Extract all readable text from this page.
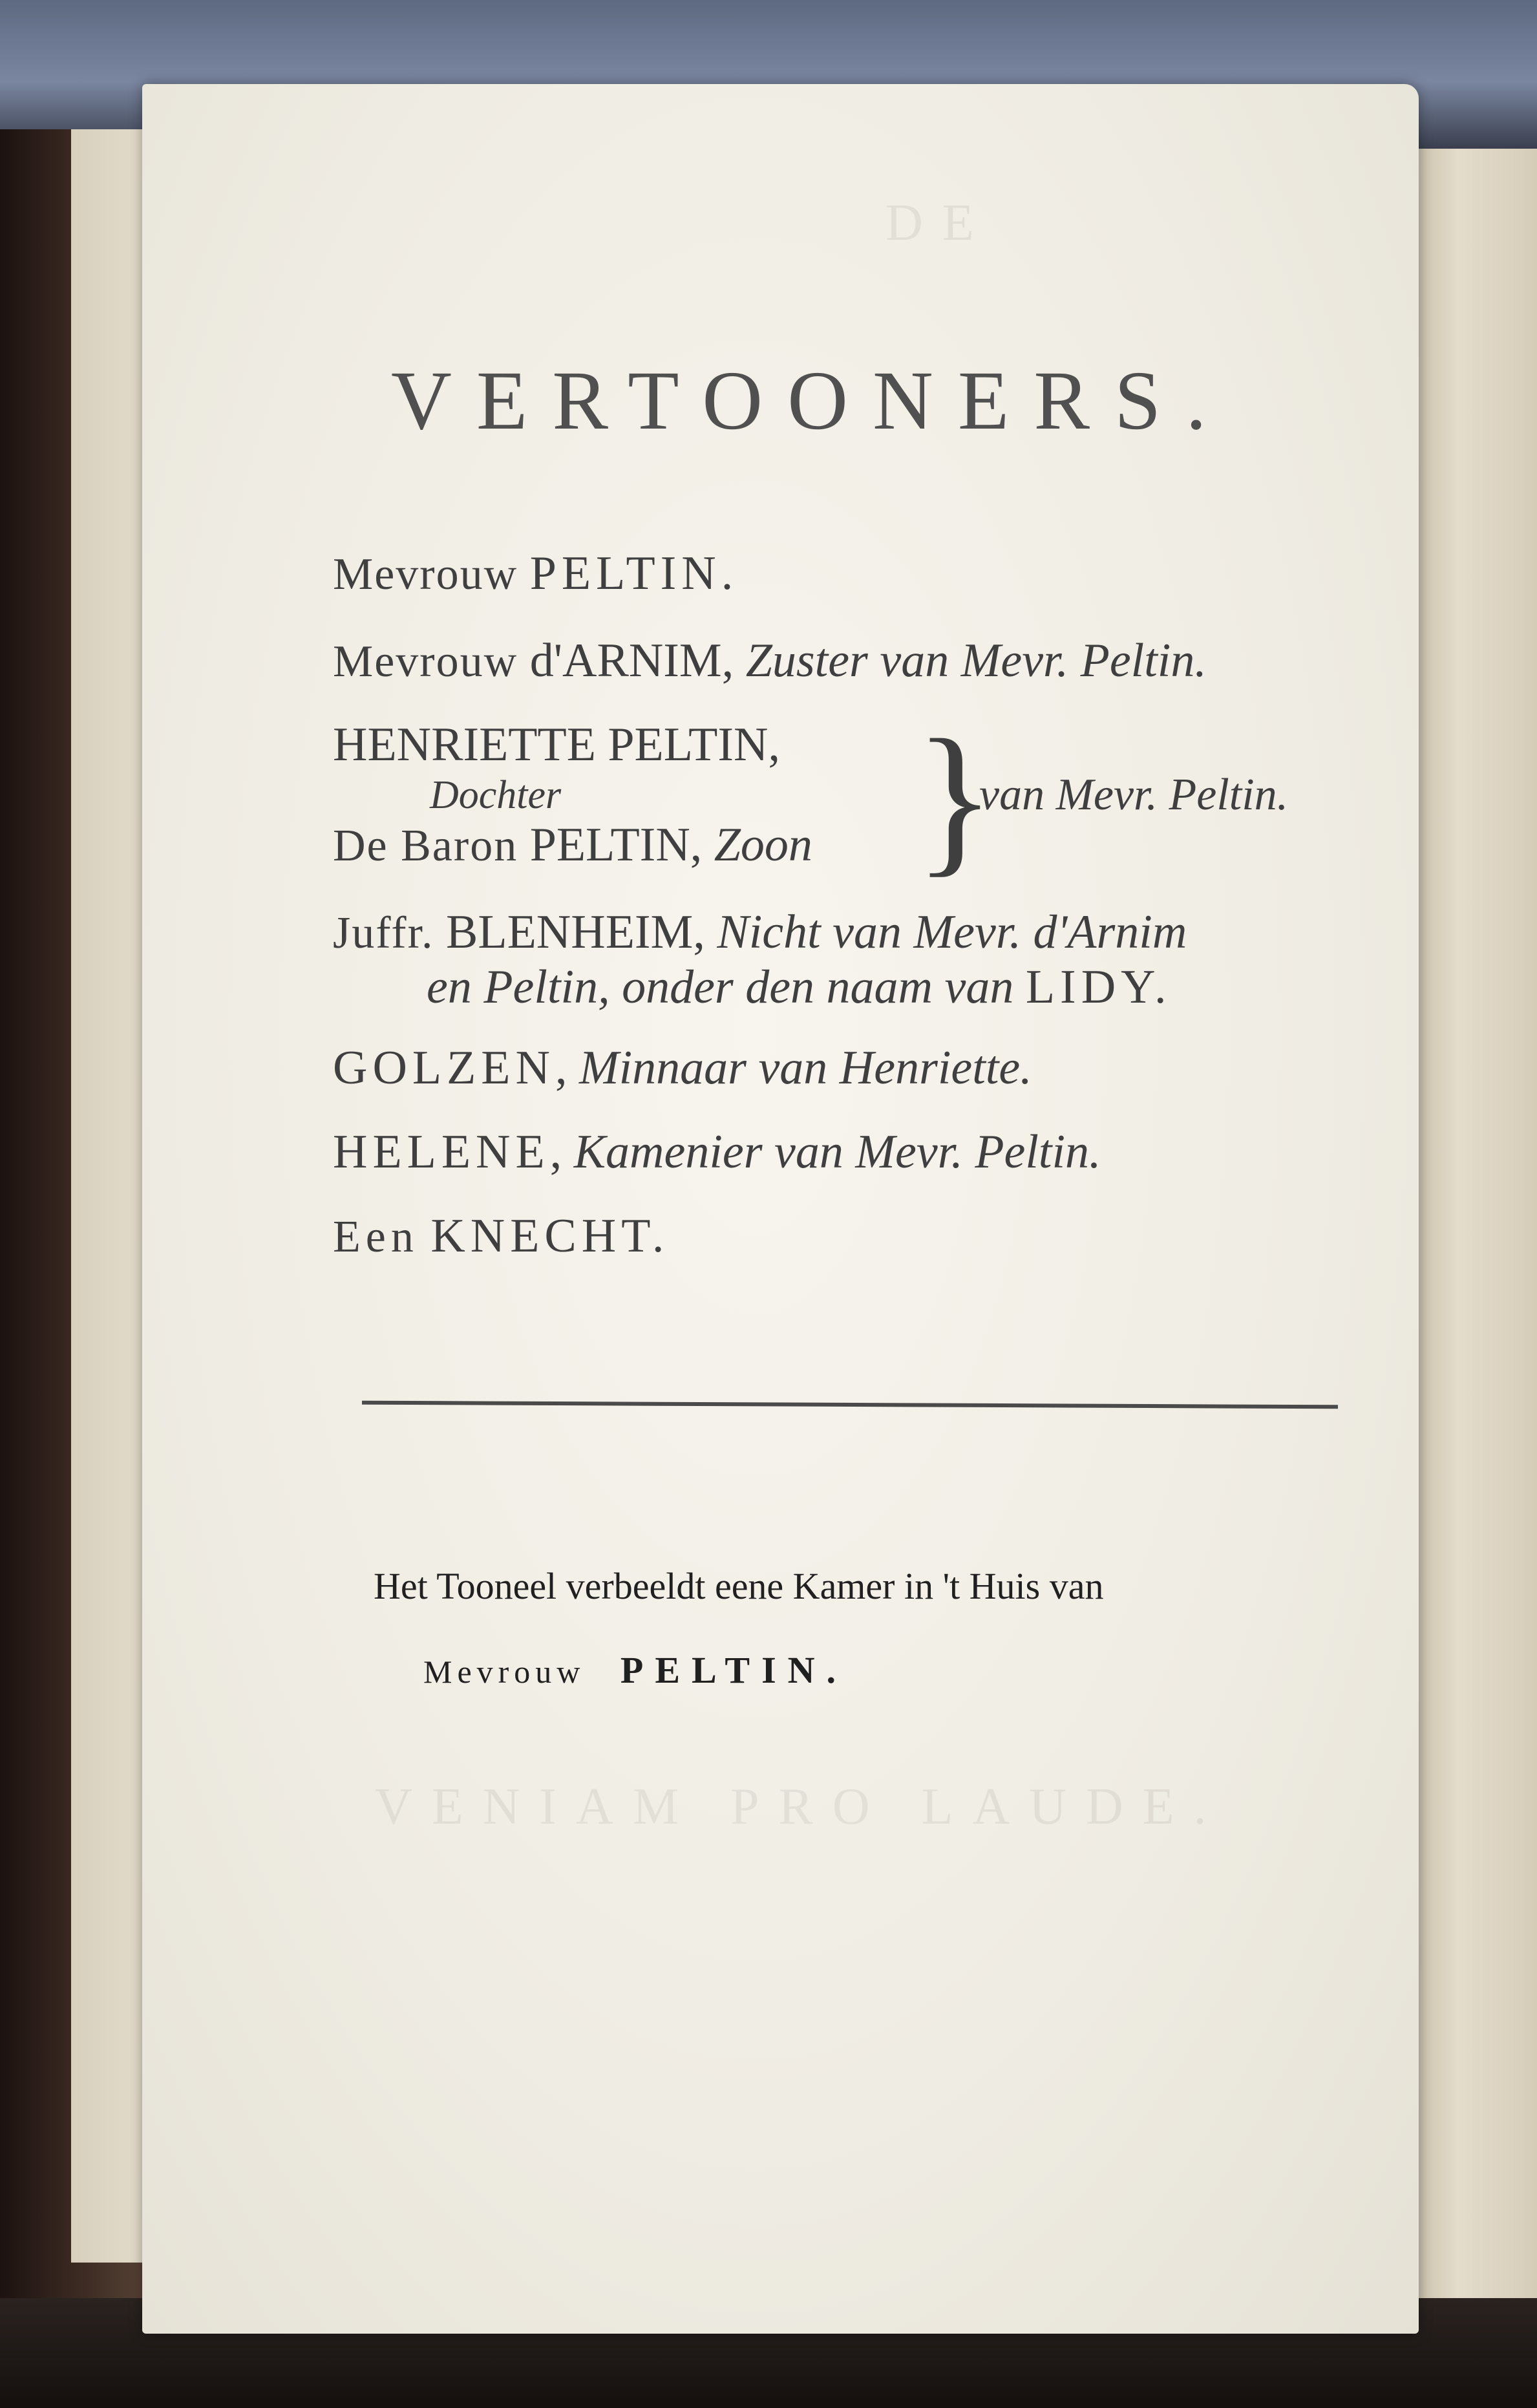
DE
VENIAM PRO LAUDE.
VERTOONERS.
Mevrouw PELTIN.
Mevrouw d'ARNIM, Zuster van Mevr. Peltin.
HENRIETTE PELTIN,
Dochter
De Baron PELTIN, Zoon }
van Mevr. Peltin.
Juffr. BLENHEIM, Nicht van Mevr. d'Arnim
en Peltin, onder den naam van LIDY.
GOLZEN, Minnaar van Henriette.
HELENE, Kamenier van Mevr. Peltin.
Een KNECHT.
Het Tooneel verbeeldt eene Kamer in 't Huis van
Mevrouw PELTIN.
